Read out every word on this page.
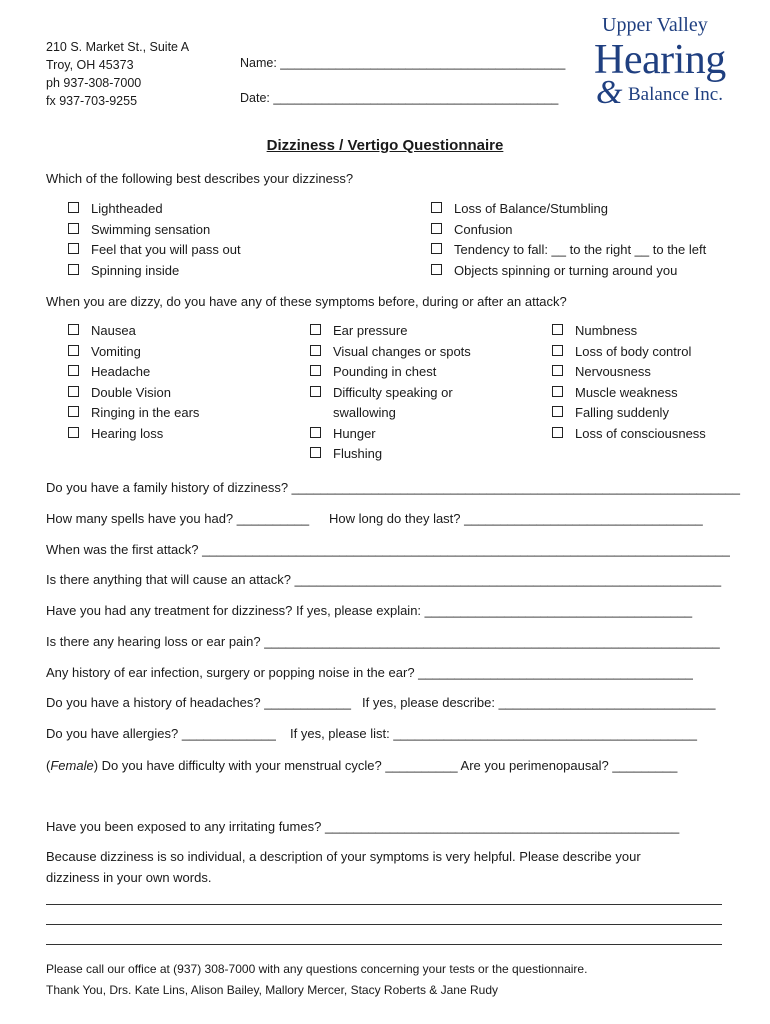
210 S. Market St., Suite A
Troy, OH 45373
ph 937-308-7000
fx 937-703-9255
Name: _________________________________________
Date: _________________________________________
Upper Valley
Hearing
& Balance Inc.
Dizziness / Vertigo Questionnaire
Which of the following best describes your dizziness?
Lightheaded
Swimming sensation
Feel that you will pass out
Spinning inside
Loss of Balance/Stumbling
Confusion
Tendency to fall: __ to the right __ to the left
Objects spinning or turning around you
When you are dizzy, do you have any of these symptoms before, during or after an attack?
Nausea
Vomiting
Headache
Double Vision
Ringing in the ears
Hearing loss
Ear pressure
Visual changes or spots
Pounding in chest
Difficulty speaking or
swallowing
Hunger
Flushing
Numbness
Loss of body control
Nervousness
Muscle weakness
Falling suddenly
Loss of consciousness
Do you have a family history of dizziness? ______________________________________________________________
How many spells have you had? __________ How long do they last? _________________________________
When was the first attack? _________________________________________________________________________
Is there anything that will cause an attack? ___________________________________________________________
Have you had any treatment for dizziness? If yes, please explain: _____________________________________
Is there any hearing loss or ear pain? _______________________________________________________________
Any history of ear infection, surgery or popping noise in the ear? ______________________________________
Do you have a history of headaches? ____________ If yes, please describe: ______________________________
Do you have allergies? _____________ If yes, please list: __________________________________________
(Female) Do you have difficulty with your menstrual cycle? __________ Are you perimenopausal? _________
Have you been exposed to any irritating fumes? _________________________________________________
Because dizziness is so individual, a description of your symptoms is very helpful. Please describe your
dizziness in your own words.
Please call our office at (937) 308-7000 with any questions concerning your tests or the questionnaire.
Thank You, Drs. Kate Lins, Alison Bailey, Mallory Mercer, Stacy Roberts & Jane Rudy
